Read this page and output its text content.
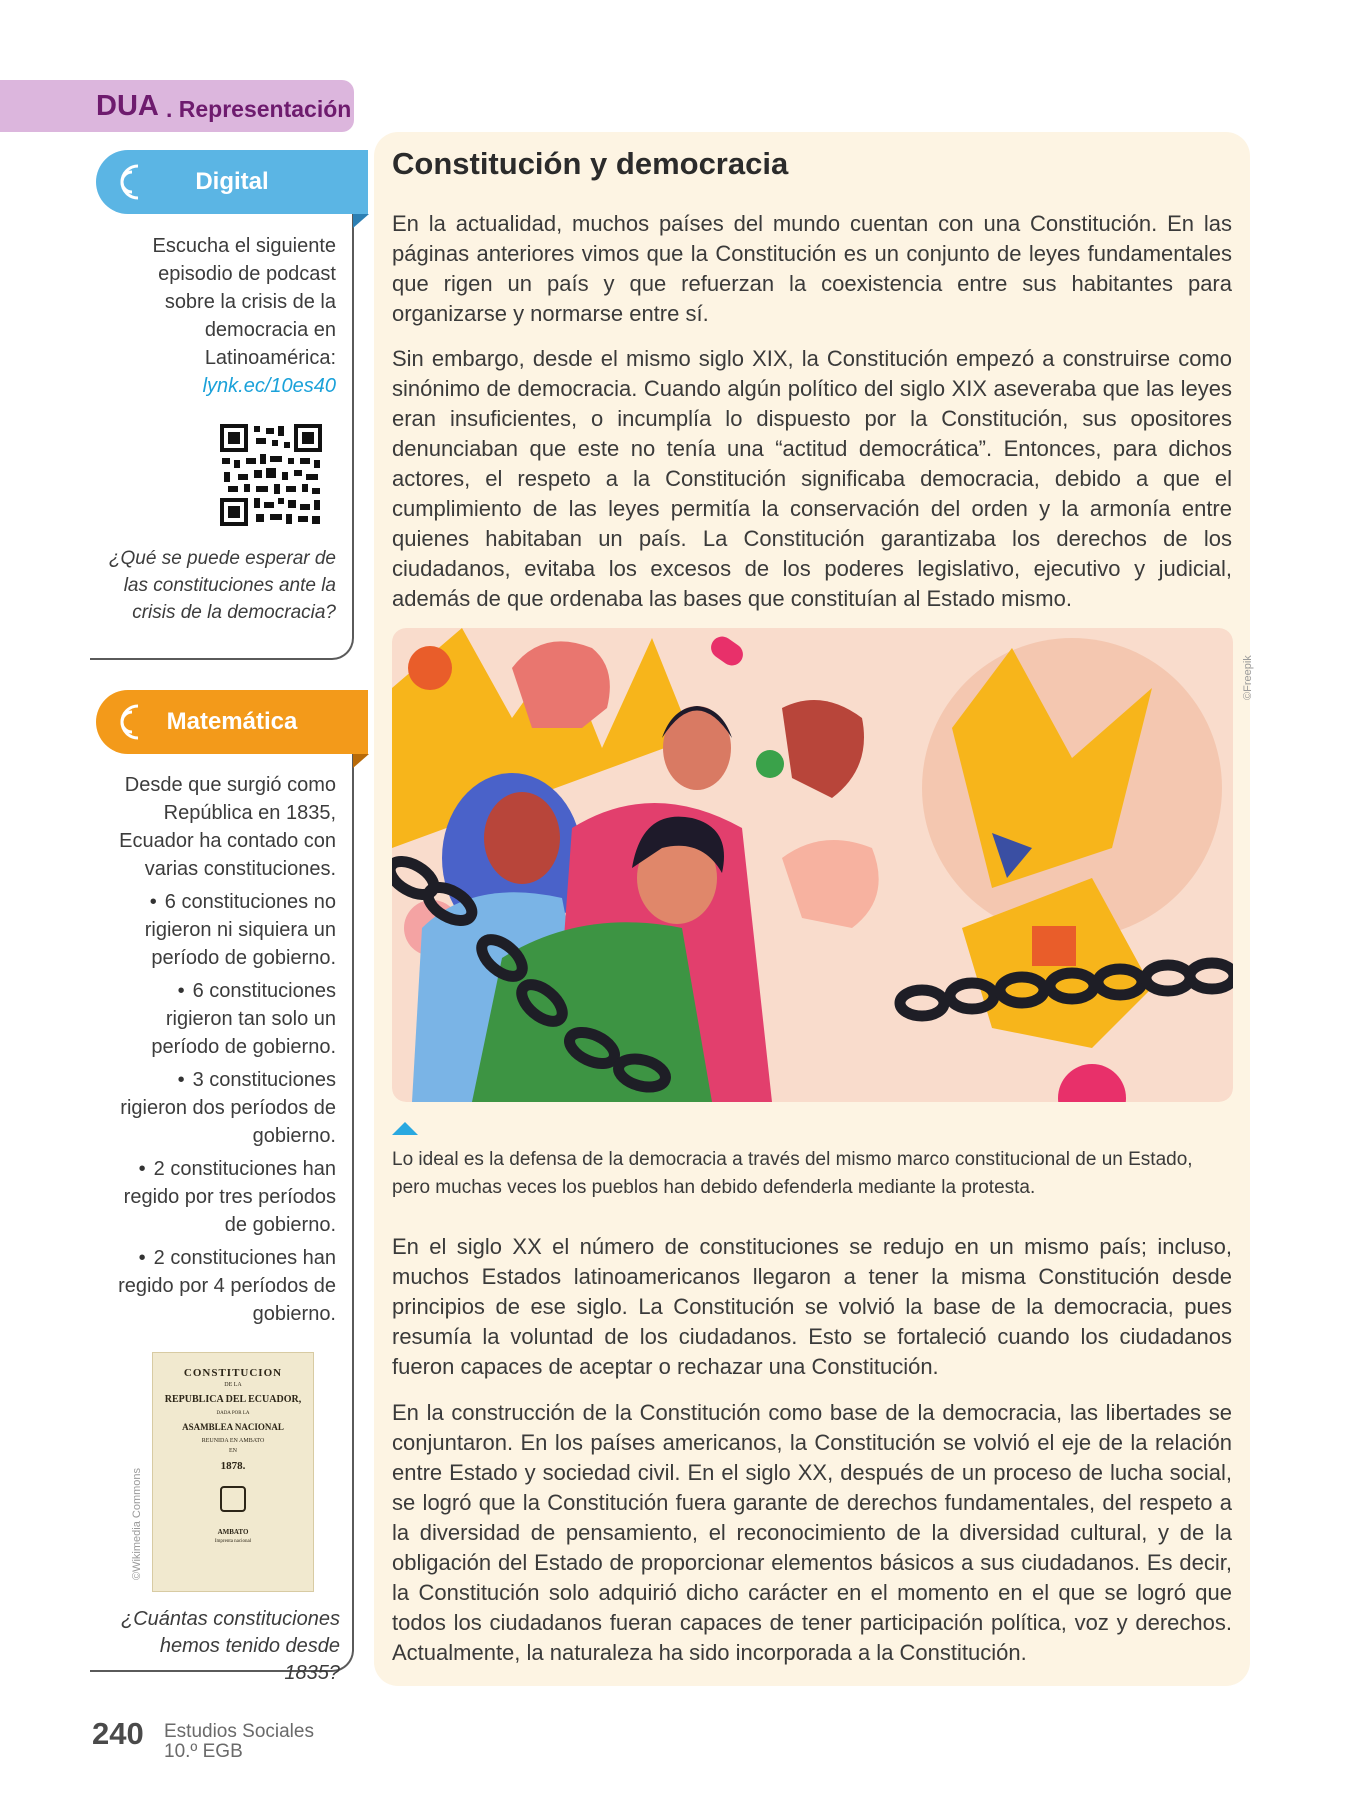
DUA . Representación
Digital
Escucha el siguiente episodio de podcast sobre la crisis de la democracia en Latinoamérica:
lynk.ec/10es40
¿Qué se puede esperar de las constituciones ante la crisis de la democracia?
Matemática
Desde que surgió como República en 1835, Ecuador ha contado con varias constituciones.
• 6 constituciones no rigieron ni siquiera un período de gobierno.
• 6 constituciones rigieron tan solo un período de gobierno.
• 3 constituciones rigieron dos períodos de gobierno.
• 2 constituciones han regido por tres períodos de gobierno.
• 2 constituciones han regido por 4 períodos de gobierno.
CONSTITUCION
DE LA
REPUBLICA DEL ECUADOR,
DADA POR LA
ASAMBLEA NACIONAL
REUNIDA EN AMBATO
EN
1878.
AMBATO
Imprenta nacional
©Wikimedia Commons
¿Cuántas constituciones hemos tenido desde 1835?
Constitución y democracia

En la actualidad, muchos países del mundo cuentan con una Constitución. En las páginas anteriores vimos que la Constitución es un conjunto de leyes fundamentales que rigen un país y que refuerzan la coexistencia entre sus habitantes para organizarse y normarse entre sí.

Sin embargo, desde el mismo siglo XIX, la Constitución empezó a construirse como sinónimo de democracia. Cuando algún político del siglo XIX aseveraba que las leyes eran insuficientes, o incumplía lo dispuesto por la Constitución, sus opositores denunciaban que este no tenía una “actitud democrática”. Entonces, para dichos actores, el respeto a la Constitución significaba democracia, debido a que el cumplimiento de las leyes permitía la conservación del orden y la armonía entre quienes habitaban un país. La Constitución garantizaba los derechos de los ciudadanos, evitaba los excesos de los poderes legislativo, ejecutivo y judicial, además de que ordenaba las bases que constituían al Estado mismo.

©Freepik
Lo ideal es la defensa de la democracia a través del mismo marco constitucional de un Estado, pero muchas veces los pueblos han debido defenderla mediante la protesta.

En el siglo XX el número de constituciones se redujo en un mismo país; incluso, muchos Estados latinoamericanos llegaron a tener la misma Constitución desde principios de ese siglo. La Constitución se volvió la base de la democracia, pues resumía la voluntad de los ciudadanos. Esto se fortaleció cuando los ciudadanos fueron capaces de aceptar o rechazar una Constitución.

En la construcción de la Constitución como base de la democracia, las libertades se conjuntaron. En los países americanos, la Constitución se volvió el eje de la relación entre Estado y sociedad civil. En el siglo XX, después de un proceso de lucha social, se logró que la Constitución fuera garante de derechos fundamentales, del respeto a la diversidad de pensamiento, el reconocimiento de la diversidad cultural, y de la obligación del Estado de proporcionar elementos básicos a sus ciudadanos. Es decir, la Constitución solo adquirió dicho carácter en el momento en el que se logró que todos los ciudadanos fueran capaces de tener participación política, voz y derechos. Actualmente, la naturaleza ha sido incorporada a la Constitución.

240 Estudios Sociales
10.º EGB
